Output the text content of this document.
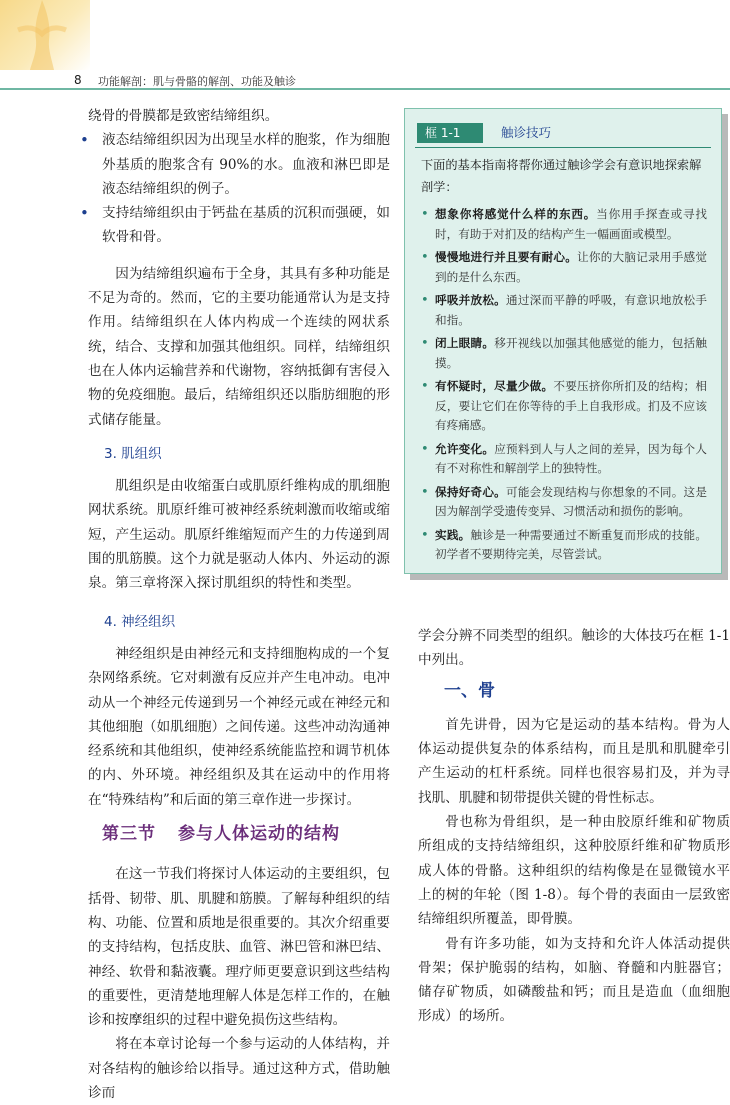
8 功能解剖：肌与骨骼的解剖、功能及触诊

绕骨的骨膜都是致密结缔组织。

• 液态结缔组织因为出现呈水样的胞浆，作为细胞外基质的胞浆含有 90%的水。血液和淋巴即是液态结缔组织的例子。
• 支持结缔组织由于钙盐在基质的沉积而强硬，如软骨和骨。

因为结缔组织遍布于全身，其具有多种功能是不足为奇的。然而，它的主要功能通常认为是支持作用。结缔组织在人体内构成一个连续的网状系统，结合、支撑和加强其他组织。同样，结缔组织也在人体内运输营养和代谢物，容纳抵御有害侵入物的免疫细胞。最后，结缔组织还以脂肪细胞的形式储存能量。

3. 肌组织

肌组织是由收缩蛋白或肌原纤维构成的肌细胞网状系统。肌原纤维可被神经系统刺激而收缩或缩短，产生运动。肌原纤维缩短而产生的力传递到周围的肌筋膜。这个力就是驱动人体内、外运动的源泉。第三章将深入探讨肌组织的特性和类型。

4. 神经组织

神经组织是由神经元和支持细胞构成的一个复杂网络系统。它对刺激有反应并产生电冲动。电冲动从一个神经元传递到另一个神经元或在神经元和其他细胞（如肌细胞）之间传递。这些冲动沟通神经系统和其他组织，使神经系统能监控和调节机体的内、外环境。神经组织及其在运动中的作用将在“特殊结构”和后面的第三章作进一步探讨。

第三节 参与人体运动的结构

在这一节我们将探讨人体运动的主要组织，包括骨、韧带、肌、肌腱和筋膜。了解每种组织的结构、功能、位置和质地是很重要的。其次介绍重要的支持结构，包括皮肤、血管、淋巴管和淋巴结、神经、软骨和黏液囊。理疗师更要意识到这些结构的重要性，更清楚地理解人体是怎样工作的，在触诊和按摩组织的过程中避免损伤这些结构。

将在本章讨论每一个参与运动的人体结构，并对各结构的触诊给以指导。通过这种方式，借助触诊而

框 1-1	触诊技巧
下面的基本指南将帮你通过触诊学会有意识地探索解剖学：
• 想象你将感觉什么样的东西。当你用手探查或寻找时，有助于对扪及的结构产生一幅画面或模型。
• 慢慢地进行并且要有耐心。让你的大脑记录用手感觉到的是什么东西。
• 呼吸并放松。通过深而平静的呼吸，有意识地放松手和指。
• 闭上眼睛。移开视线以加强其他感觉的能力，包括触摸。
• 有怀疑时，尽量少做。不要压挤你所扪及的结构；相反，要让它们在你等待的手上自我形成。扪及不应该有疼痛感。
• 允许变化。应预料到人与人之间的差异，因为每个人有不对称性和解剖学上的独特性。
• 保持好奇心。可能会发现结构与你想象的不同。这是因为解剖学受遗传变异、习惯活动和损伤的影响。
• 实践。触诊是一种需要通过不断重复而形成的技能。初学者不要期待完美，尽管尝试。

学会分辨不同类型的组织。触诊的大体技巧在框 1-1 中列出。

一、骨

首先讲骨，因为它是运动的基本结构。骨为人体运动提供复杂的体系结构，而且是肌和肌腱牵引产生运动的杠杆系统。同样也很容易扪及，并为寻找肌、肌腱和韧带提供关键的骨性标志。

骨也称为骨组织，是一种由胶原纤维和矿物质所组成的支持结缔组织，这种胶原纤维和矿物质形成人体的骨骼。这种组织的结构像是在显微镜水平上的树的年轮（图 1-8）。每个骨的表面由一层致密结缔组织所覆盖，即骨膜。

骨有许多功能，如为支持和允许人体活动提供骨架；保护脆弱的结构，如脑、脊髓和内脏器官；储存矿物质，如磷酸盐和钙；而且是造血（血细胞形成）的场所。
